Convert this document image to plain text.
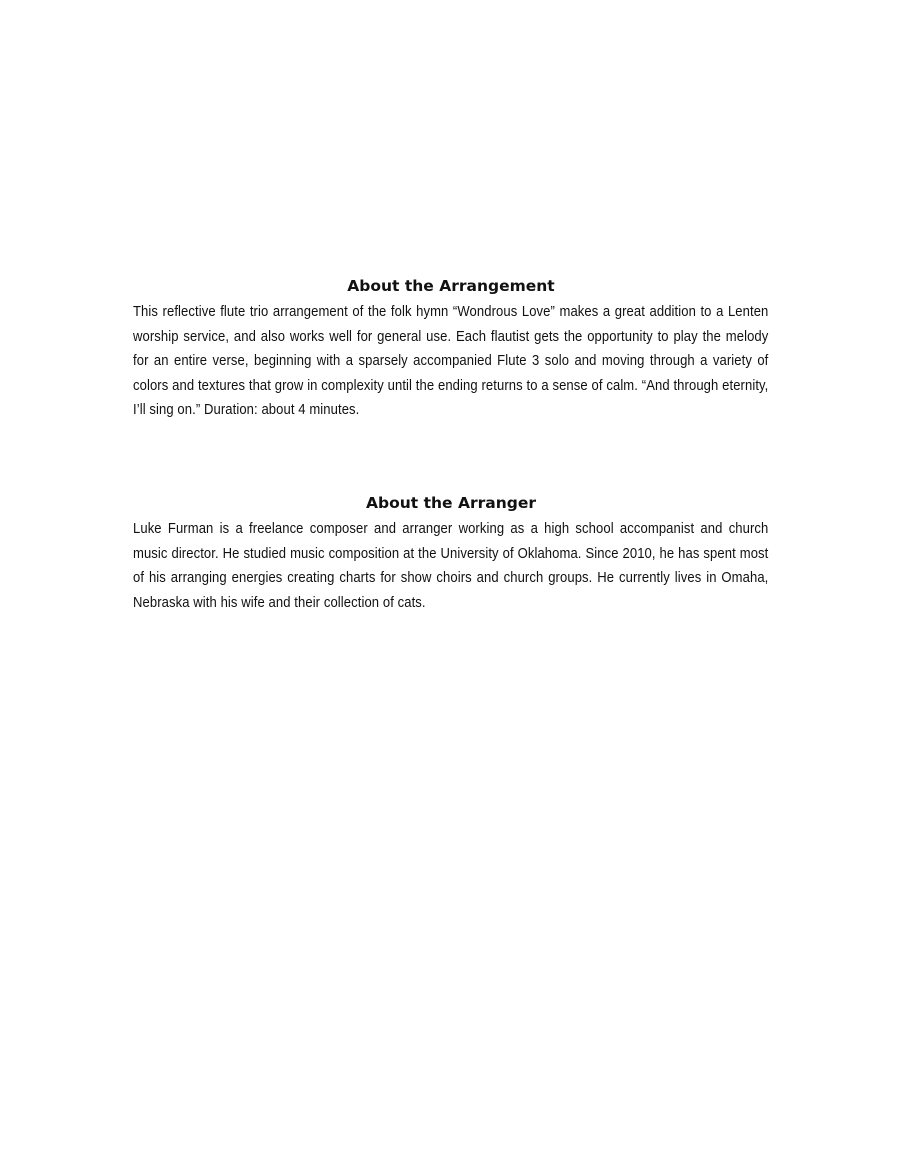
About the Arrangement

This reflective flute trio arrangement of the folk hymn “Wondrous Love” makes a great addition to a Lenten worship service, and also works well for general use. Each flautist gets the opportunity to play the melody for an entire verse, beginning with a sparsely accompanied Flute 3 solo and moving through a variety of colors and textures that grow in complexity until the ending returns to a sense of calm. “And through eternity, I’ll sing on.” Duration: about 4 minutes.

About the Arranger

Luke Furman is a freelance composer and arranger working as a high school accompanist and church music director. He studied music composition at the University of Oklahoma. Since 2010, he has spent most of his arranging energies creating charts for show choirs and church groups. He currently lives in Omaha, Nebraska with his wife and their collection of cats.
